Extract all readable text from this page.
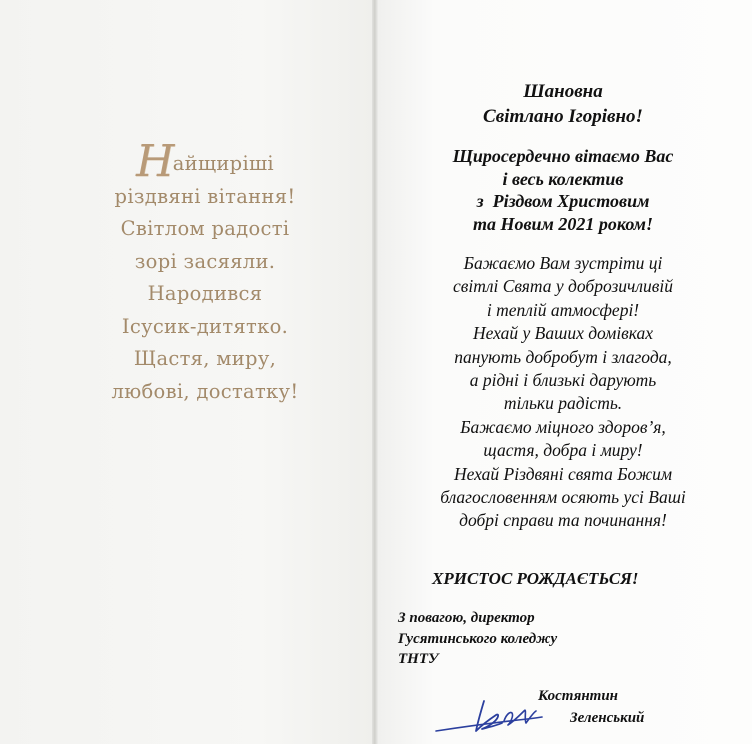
Найщиріші
різдвяні вітання!
Світлом радості
зорі засяяли.
Народився
Ісусик-дитятко.
Щастя, миру,
любові, достатку!
Шановна
Світлано Ігорівно!
Щиросердечно вітаємо Вас
і весь колектив
з  Різдвом Христовим
та Новим 2021 роком!
Бажаємо Вам зустріти ці
світлі Свята у доброзичливій
і теплій атмосфері!
Нехай у Ваших домівках
панують добробут і злагода,
а рідні і близькі дарують
тільки радість.
Бажаємо міцного здоров’я,
щастя, добра і миру!
Нехай Різдвяні свята Божим
благословенням осяють усі Ваші
добрі справи та починання!
ХРИСТОС РОЖДАЄТЬСЯ!
З повагою, директор
Гусятинського коледжу
ТНТУ
Костянтин
Зеленський
